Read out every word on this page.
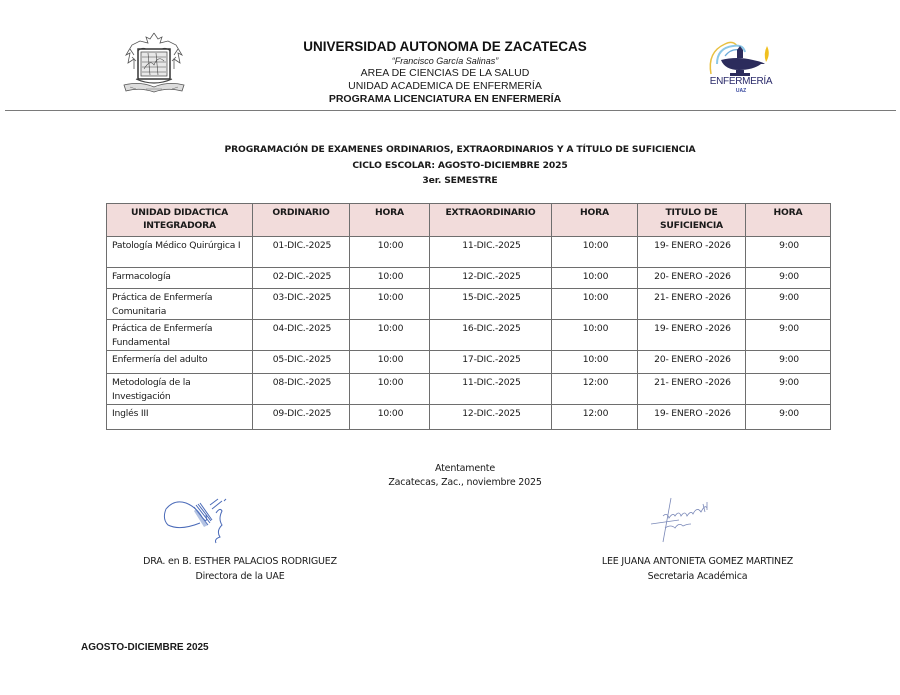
UNIVERSIDAD AUTONOMA DE ZACATECAS
“Francisco García Salinas”
AREA DE CIENCIAS DE LA SALUD
UNIDAD ACADEMICA DE ENFERMERÍA
PROGRAMA LICENCIATURA EN ENFERMERÍA
ENFERMERÍA
UAZ
PROGRAMACIÓN DE EXAMENES ORDINARIOS, EXTRAORDINARIOS Y A TÍTULO DE SUFICIENCIA
CICLO ESCOLAR: AGOSTO-DICIEMBRE 2025
3er. SEMESTRE
UNIDAD DIDACTICA INTEGRADORA	ORDINARIO	HORA	EXTRAORDINARIO	HORA	TITULO DE SUFICIENCIA	HORA
Patología Médico Quirúrgica I	01-DIC.-2025	10:00	11-DIC.-2025	10:00	19- ENERO -2026	9:00
Farmacología	02-DIC.-2025	10:00	12-DIC.-2025	10:00	20- ENERO -2026	9:00
Práctica de Enfermería Comunitaria	03-DIC.-2025	10:00	15-DIC.-2025	10:00	21- ENERO -2026	9:00
Práctica de Enfermería Fundamental	04-DIC.-2025	10:00	16-DIC.-2025	10:00	19- ENERO -2026	9:00
Enfermería del adulto	05-DIC.-2025	10:00	17-DIC.-2025	10:00	20- ENERO -2026	9:00
Metodología de la Investigación	08-DIC.-2025	10:00	11-DIC.-2025	12:00	21- ENERO -2026	9:00
Inglés III	09-DIC.-2025	10:00	12-DIC.-2025	12:00	19- ENERO -2026	9:00
Atentamente
Zacatecas, Zac., noviembre 2025
DRA. en B. ESTHER PALACIOS RODRIGUEZ
Directora de la UAE
LEE JUANA ANTONIETA GOMEZ MARTINEZ
Secretaria Académica
AGOSTO-DICIEMBRE 2025
